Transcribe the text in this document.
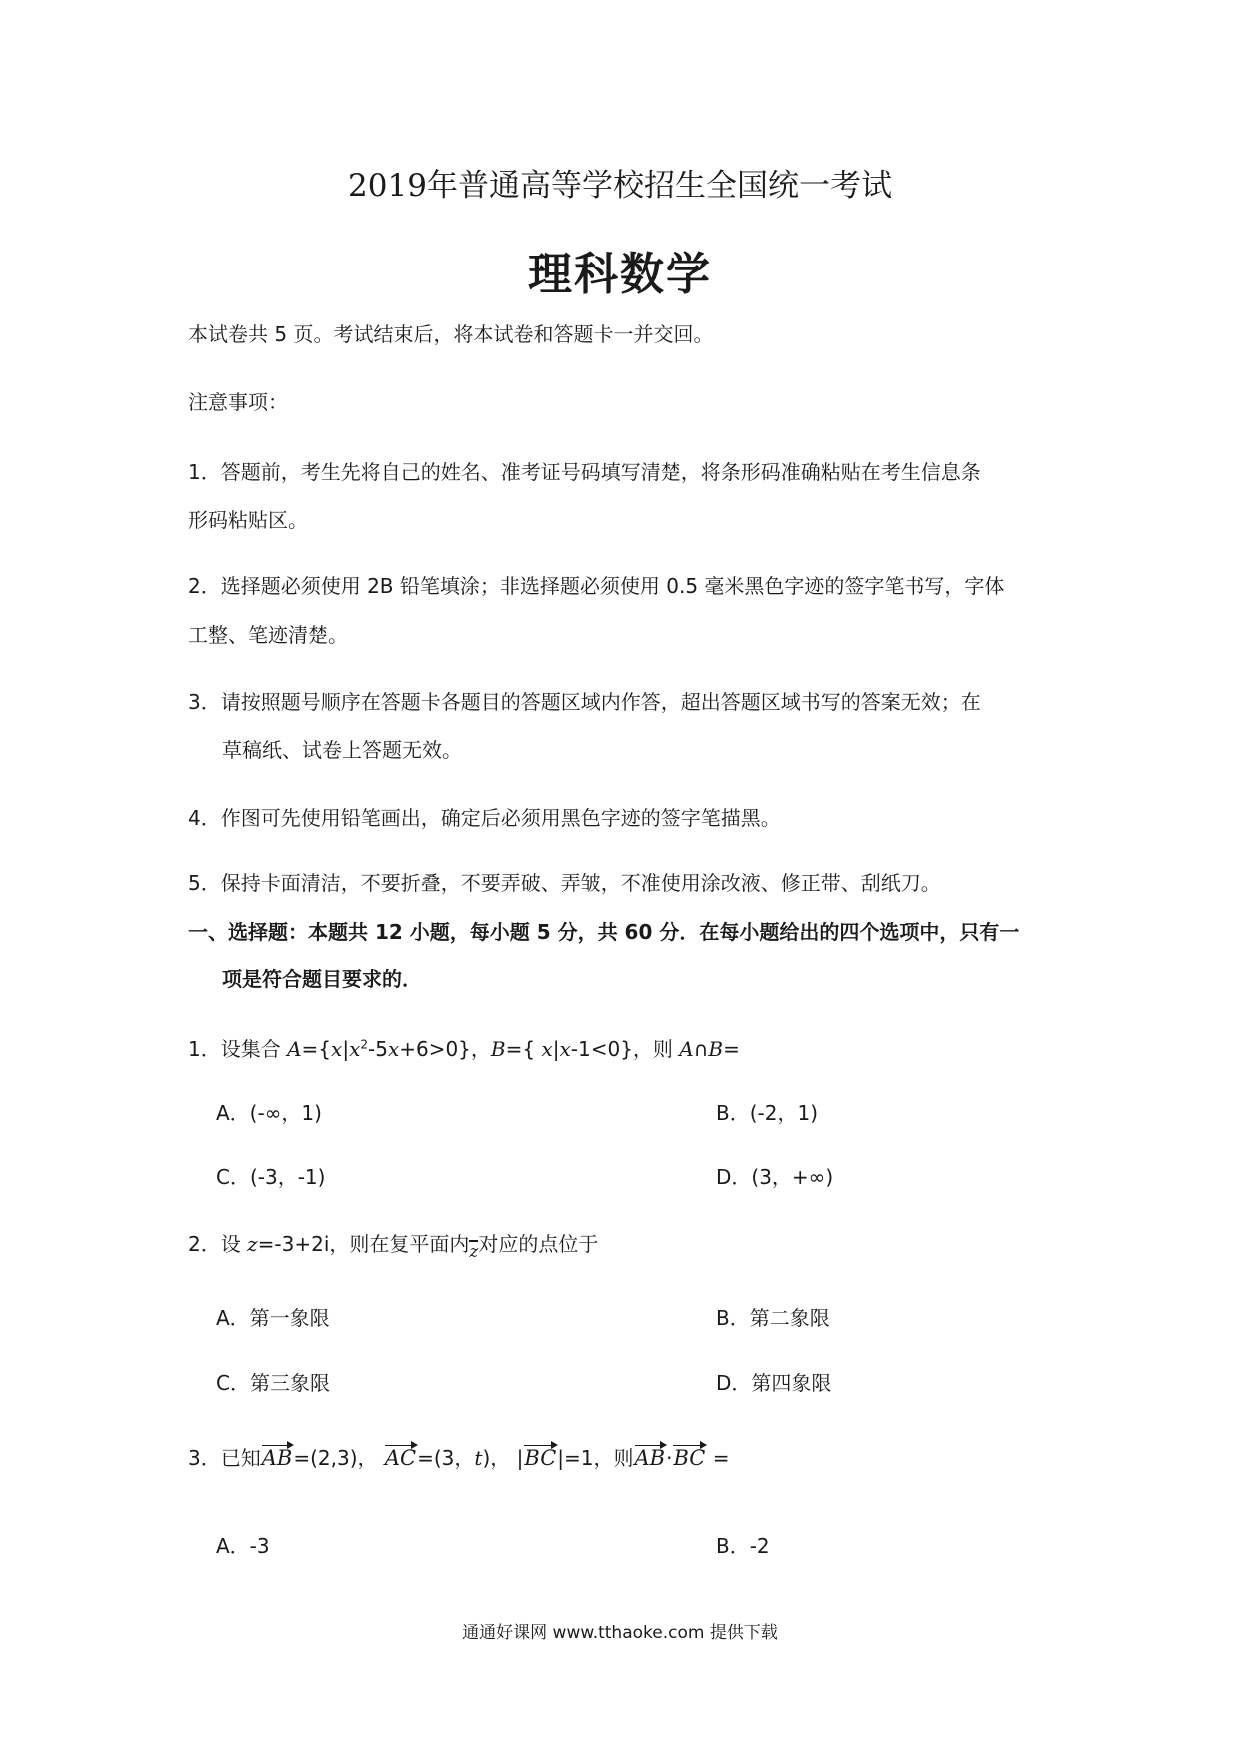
2019年普通高等学校招生全国统一考试
理科数学
本试卷共 5 页。考试结束后，将本试卷和答题卡一并交回。
注意事项：
1．答题前，考生先将自己的姓名、准考证号码填写清楚，将条形码准确粘贴在考生信息条
形码粘贴区。
2．选择题必须使用 2B 铅笔填涂；非选择题必须使用 0.5 毫米黑色字迹的签字笔书写，字体
工整、笔迹清楚。
3．请按照题号顺序在答题卡各题目的答题区域内作答，超出答题区域书写的答案无效；在
草稿纸、试卷上答题无效。
4．作图可先使用铅笔画出，确定后必须用黑色字迹的签字笔描黑。
5．保持卡面清洁，不要折叠，不要弄破、弄皱，不准使用涂改液、修正带、刮纸刀。
一、选择题：本题共 12 小题，每小题 5 分，共 60 分．在每小题给出的四个选项中，只有一
项是符合题目要求的．
1．设集合 $A=\{x|x^2-5x+6>0\}$，B={ x|x-1<0}，则 A∩B=
A．(-∞，1)	B．(-2，1)
C．(-3，-1)	D．(3，+∞)
2．设 z=-3+2i，则在复平面内z对应的点位于
A．第一象限	B．第二象限
C．第三象限	D．第四象限
3．已知AB=(2,3)， AC=(3，t)， |BC|=1，则AB·BC =
A．-3	B．-2
通通好课网 www.tthaoke.com 提供下载
